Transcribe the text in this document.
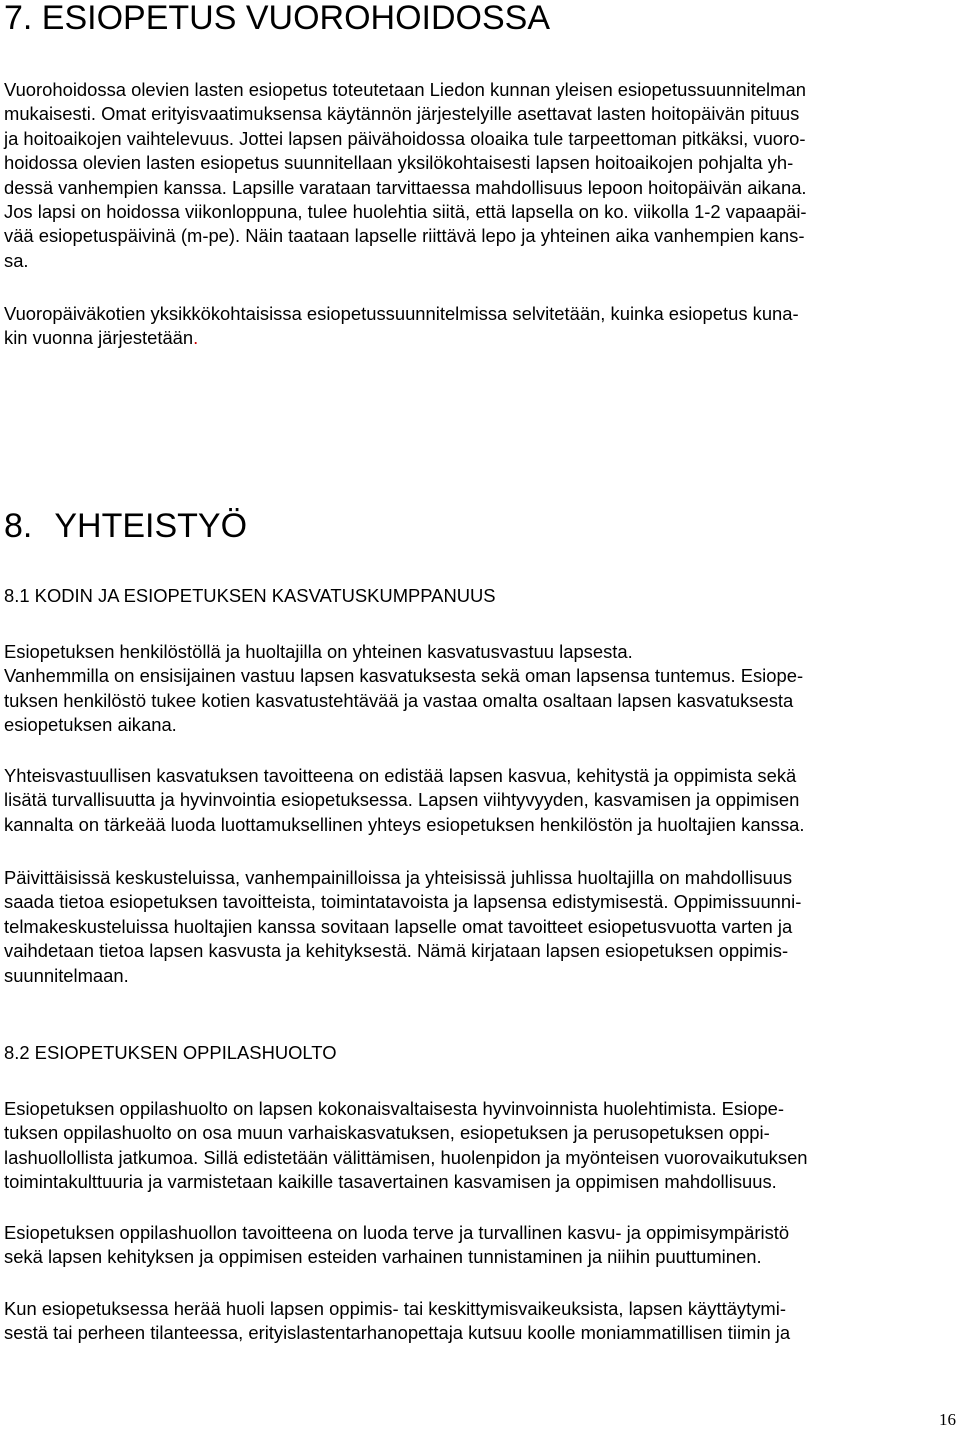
7. ESIOPETUS VUOROHOIDOSSA
Vuorohoidossa olevien lasten esiopetus toteutetaan Liedon kunnan yleisen esiopetussuunnitelman
mukaisesti. Omat erityisvaatimuksensa käytännön järjestelyille asettavat lasten hoitopäivän pituus
ja hoitoaikojen vaihtelevuus. Jottei lapsen päivähoidossa oloaika tule tarpeettoman pitkäksi, vuoro-
hoidossa olevien lasten esiopetus suunnitellaan yksilökohtaisesti lapsen hoitoaikojen pohjalta yh-
dessä vanhempien kanssa. Lapsille varataan tarvittaessa mahdollisuus lepoon hoitopäivän aikana.
Jos lapsi on hoidossa viikonloppuna, tulee huolehtia siitä, että lapsella on ko. viikolla 1-2 vapaapäi-
vää esiopetuspäivinä (m-pe). Näin taataan lapselle riittävä lepo ja yhteinen aika vanhempien kans-
sa.
Vuoropäiväkotien yksikkökohtaisissa esiopetussuunnitelmissa selvitetään, kuinka esiopetus kuna-
kin vuonna järjestetään.
8. YHTEISTYÖ
8.1 KODIN JA ESIOPETUKSEN KASVATUSKUMPPANUUS
Esiopetuksen henkilöstöllä ja huoltajilla on yhteinen kasvatusvastuu lapsesta.
Vanhemmilla on ensisijainen vastuu lapsen kasvatuksesta sekä oman lapsensa tuntemus. Esiope-
tuksen henkilöstö tukee kotien kasvatustehtävää ja vastaa omalta osaltaan lapsen kasvatuksesta
esiopetuksen aikana.
Yhteisvastuullisen kasvatuksen tavoitteena on edistää lapsen kasvua, kehitystä ja oppimista sekä
lisätä turvallisuutta ja hyvinvointia esiopetuksessa. Lapsen viihtyvyyden, kasvamisen ja oppimisen
kannalta on tärkeää luoda luottamuksellinen yhteys esiopetuksen henkilöstön ja huoltajien kanssa.
Päivittäisissä keskusteluissa, vanhempainilloissa ja yhteisissä juhlissa huoltajilla on mahdollisuus
saada tietoa esiopetuksen tavoitteista, toimintatavoista ja lapsensa edistymisestä. Oppimissuunni-
telmakeskusteluissa huoltajien kanssa sovitaan lapselle omat tavoitteet esiopetusvuotta varten ja
vaihdetaan tietoa lapsen kasvusta ja kehityksestä. Nämä kirjataan lapsen esiopetuksen oppimis-
suunnitelmaan.
8.2 ESIOPETUKSEN OPPILASHUOLTO
Esiopetuksen oppilashuolto on lapsen kokonaisvaltaisesta hyvinvoinnista huolehtimista. Esiope-
tuksen oppilashuolto on osa muun varhaiskasvatuksen, esiopetuksen ja perusopetuksen oppi-
lashuollollista jatkumoa. Sillä edistetään välittämisen, huolenpidon ja myönteisen vuorovaikutuksen
toimintakulttuuria ja varmistetaan kaikille tasavertainen kasvamisen ja oppimisen mahdollisuus.
Esiopetuksen oppilashuollon tavoitteena on luoda terve ja turvallinen kasvu- ja oppimisympäristö
sekä lapsen kehityksen ja oppimisen esteiden varhainen tunnistaminen ja niihin puuttuminen.
Kun esiopetuksessa herää huoli lapsen oppimis- tai keskittymisvaikeuksista, lapsen käyttäytymi-
sestä tai perheen tilanteessa, erityislastentarhanopettaja kutsuu koolle moniammatillisen tiimin ja
16
